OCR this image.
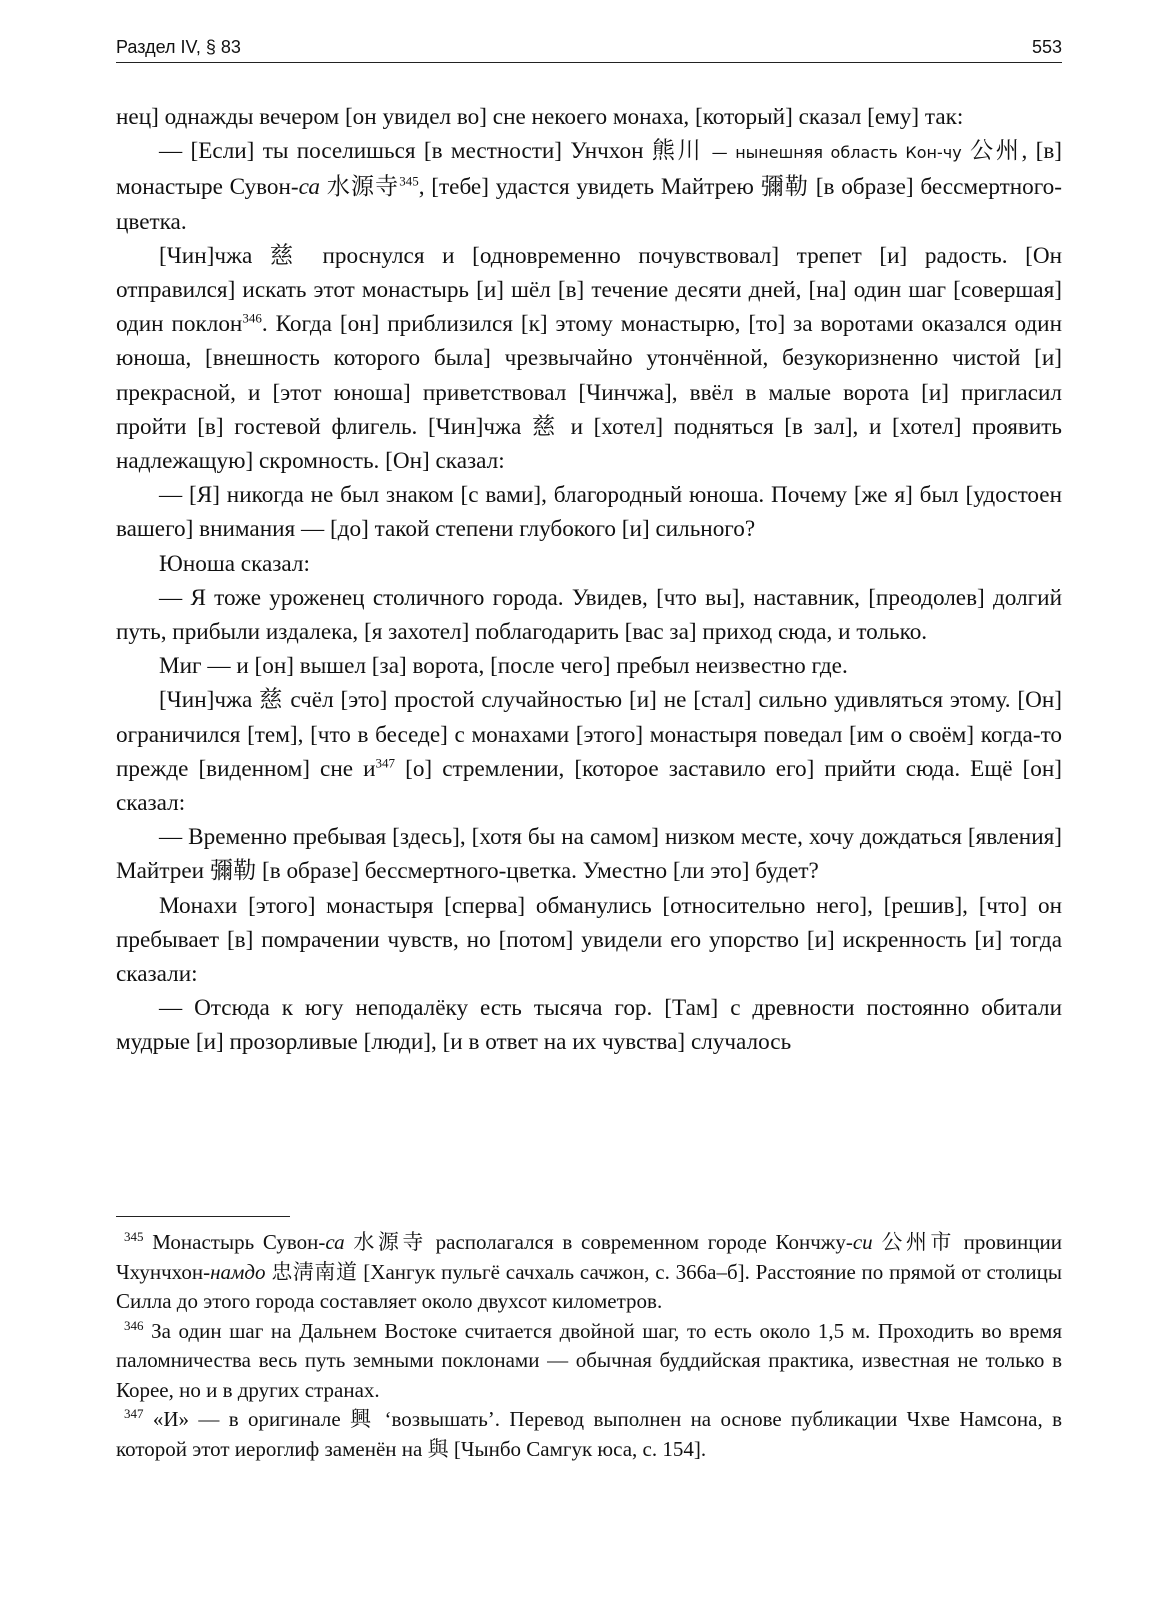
Раздел IV, § 83	553

нец] однажды вечером [он увидел во] сне некоего монаха, [который] сказал [ему] так:

— [Если] ты поселишься [в местности] Унчхон 熊川 — нынешняя область Кон-чу 公州, [в] монастыре Сувон-са 水源寺$^{345}$, [тебе] удастся увидеть Майтрею 彌勒 [в образе] бессмертного-цветка.

[Чин]чжа 慈 проснулся и [одновременно почувствовал] трепет [и] радость. [Он отправился] искать этот монастырь [и] шёл [в] течение десяти дней, [на] один шаг [совершая] один поклон$^{346}$. Когда [он] приблизился [к] этому монастырю, [то] за воротами оказался один юноша, [внешность которого была] чрезвычайно утончённой, безукоризненно чистой [и] прекрасной, и [этот юноша] приветствовал [Чинчжа], ввёл в малые ворота [и] пригласил пройти [в] гостевой флигель. [Чин]чжа 慈 и [хотел] подняться [в зал], и [хотел] проявить надлежащую] скромность. [Он] сказал:

— [Я] никогда не был знаком [с вами], благородный юноша. Почему [же я] был [удостоен вашего] внимания — [до] такой степени глубокого [и] сильного?

Юноша сказал:

— Я тоже уроженец столичного города. Увидев, [что вы], наставник, [преодолев] долгий путь, прибыли издалека, [я захотел] поблагодарить [вас за] приход сюда, и только.

Миг — и [он] вышел [за] ворота, [после чего] пребыл неизвестно где.

[Чин]чжа 慈 счёл [это] простой случайностью [и] не [стал] сильно удивляться этому. [Он] ограничился [тем], [что в беседе] с монахами [этого] монастыря поведал [им о своём] когда-то прежде [виденном] сне $и^{347}$ [о] стремлении, [которое заставило его] прийти сюда. Ещё [он] сказал:

— Временно пребывая [здесь], [хотя бы на самом] низком месте, хочу дождаться [явления] Майтреи 彌勒 [в образе] бессмертного-цветка. Уместно [ли это] будет?

Монахи [этого] монастыря [сперва] обманулись [относительно него], [решив], [что] он пребывает [в] помрачении чувств, но [потом] увидели его упорство [и] искренность [и] тогда сказали:

— Отсюда к югу неподалёку есть тысяча гор. [Там] с древности постоянно обитали мудрые [и] прозорливые [люди], [и в ответ на их чувства] случалось

$^{345}$ Монастырь Сувон-са 水源寺 располагался в современном городе Кончжу-си 公州市 провинции Чхунчхон-намдо 忠淸南道 [Хангук пульгё сачхаль сачжон, с. 366а–б]. Расстояние по прямой от столицы Силла до этого города составляет около двухсот километров.

$^{346}$ За один шаг на Дальнем Востоке считается двойной шаг, то есть около 1,5 м. Проходить во время паломничества весь путь земными поклонами — обычная буддийская практика, известная не только в Корее, но и в других странах.

$^{347}$ «И» — в оригинале 興 ‘возвышать’. Перевод выполнен на основе публикации Чхве Намсона, в которой этот иероглиф заменён на 與 [Чынбо Самгук юса, с. 154].
